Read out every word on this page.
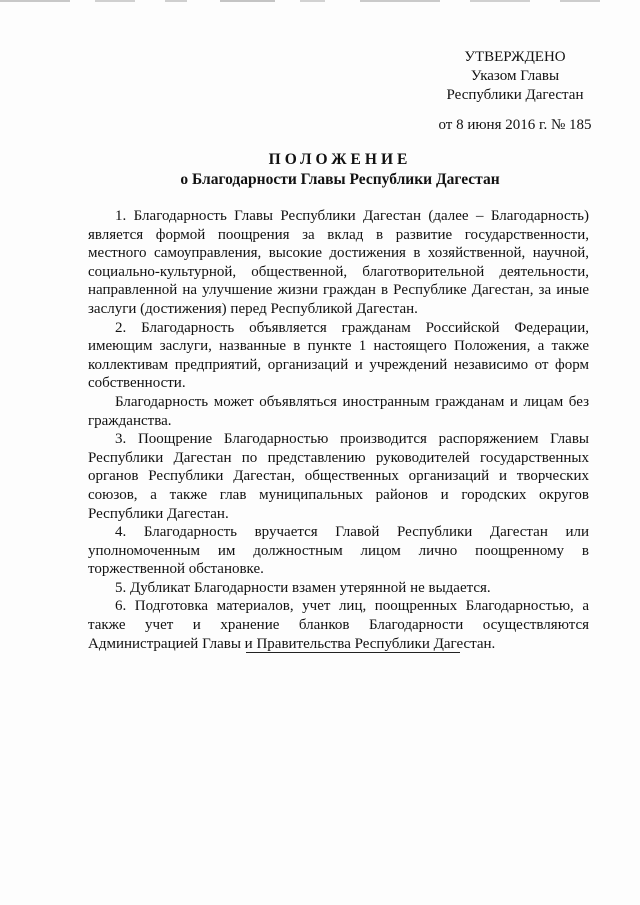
УТВЕРЖДЕНО
Указом Главы
Республики Дагестан
от 8 июня 2016 г. № 185
ПОЛОЖЕНИЕ
о Благодарности Главы Республики Дагестан

1. Благодарность Главы Республики Дагестан (далее – Благодарность) является формой поощрения за вклад в развитие государственности, местного самоуправления, высокие достижения в хозяйственной, научной, социально-культурной, общественной, благотворительной деятельности, направленной на улучшение жизни граждан в Республике Дагестан, за иные заслуги (достижения) перед Республикой Дагестан.

2. Благодарность объявляется гражданам Российской Федерации, имеющим заслуги, названные в пункте 1 настоящего Положения, а также коллективам предприятий, организаций и учреждений независимо от форм собственности.

Благодарность может объявляться иностранным гражданам и лицам без гражданства.

3. Поощрение Благодарностью производится распоряжением Главы Республики Дагестан по представлению руководителей государственных органов Республики Дагестан, общественных организаций и творческих союзов, а также глав муниципальных районов и городских округов Республики Дагестан.

4. Благодарность вручается Главой Республики Дагестан или уполномоченным им должностным лицом лично поощренному в торжественной обстановке.

5. Дубликат Благодарности взамен утерянной не выдается.

6. Подготовка материалов, учет лиц, поощренных Благодарностью, а также учет и хранение бланков Благодарности осуществляются Администрацией Главы и Правительства Республики Дагестан.
